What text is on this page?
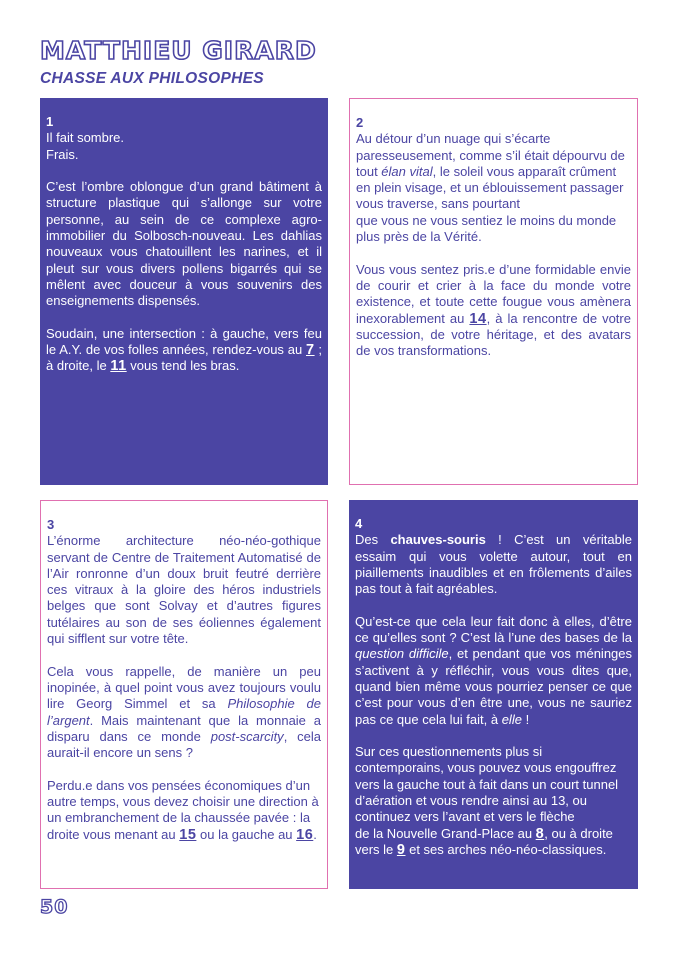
MATTHIEU GIRARD
CHASSE AUX PHILOSOPHES
1

Il fait sombre.
Frais.

C’est l’ombre oblongue d’un grand bâtiment à structure plastique qui s’allonge sur votre personne, au sein de ce complexe agro-immobilier du Solbosch-nouveau. Les dahlias nouveaux vous chatouillent les narines, et il pleut sur vous divers pollens bigarrés qui se mêlent avec douceur à vous souvenirs des enseignements dispensés.

Soudain, une intersection : à gauche, vers feu le A.Y. de vos folles années, rendez-vous au 7 ; à droite, le 11 vous tend les bras.

2

Au détour d’un nuage qui s’écarte paresseusement, comme s’il était dépourvu de tout élan vital, le soleil vous apparaît crûment en plein visage, et un éblouissement passager vous traverse, sans pourtant
que vous ne vous sentiez le moins du monde plus près de la Vérité.

Vous vous sentez pris.e d’une formidable envie de courir et crier à la face du monde votre existence, et toute cette fougue vous amènera inexorablement au 14, à la rencontre de votre succession, de votre héritage, et des avatars de vos transformations.

3

L’énorme architecture néo-néo-gothique servant de Centre de Traitement Automatisé de l’Air ronronne d’un doux bruit feutré derrière ces vitraux à la gloire des héros industriels belges que sont Solvay et d’autres figures tutélaires au son de ses éoliennes également qui sifflent sur votre tête.

Cela vous rappelle, de manière un peu inopinée, à quel point vous avez toujours voulu lire Georg Simmel et sa Philosophie de l’argent. Mais maintenant que la monnaie a disparu dans ce monde post-scarcity, cela aurait-il encore un sens ?

Perdu.e dans vos pensées économiques d’un autre temps, vous devez choisir une direction à un embranchement de la chaussée pavée : la droite vous menant au 15 ou la gauche au 16.

4

Des chauves-souris ! C’est un véritable essaim qui vous volette autour, tout en piaillements inaudibles et en frôlements d’ailes pas tout à fait agréables.

Qu’est-ce que cela leur fait donc à elles, d’être ce qu’elles sont ? C’est là l’une des bases de la question difficile, et pendant que vos méninges s’activent à y réfléchir, vous vous dites que, quand bien même vous pourriez penser ce que c’est pour vous d’en être une, vous ne sauriez pas ce que cela lui fait, à elle !

Sur ces questionnements plus si contemporains, vous pouvez vous engouffrez vers la gauche tout à fait dans un court tunnel d’aération et vous rendre ainsi au 13, ou continuez vers l’avant et vers le flèche
de la Nouvelle Grand-Place au 8, ou à droite vers le 9 et ses arches néo-néo-classiques.

50
